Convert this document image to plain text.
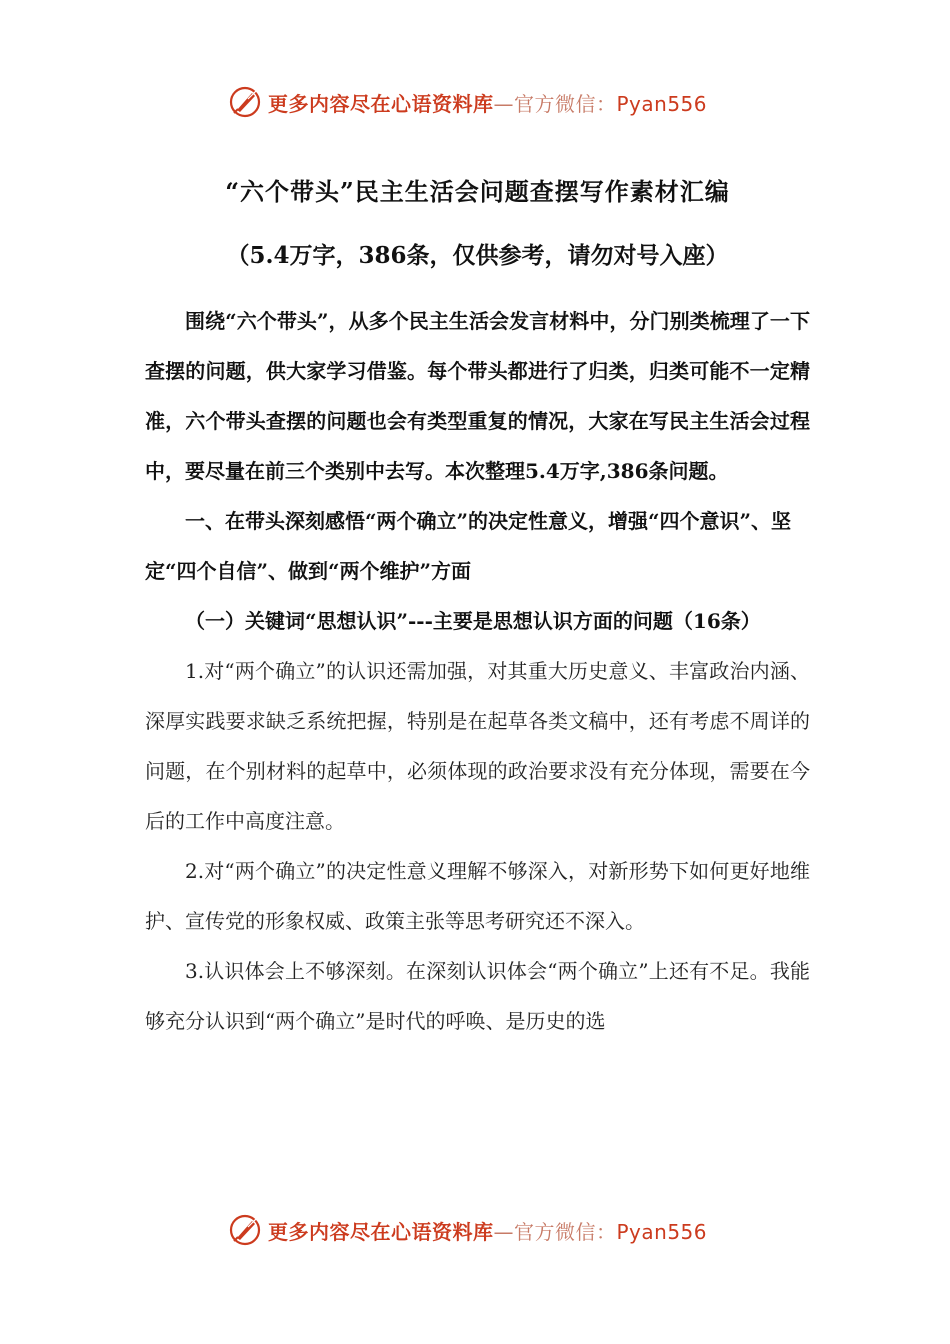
更多内容尽在心语资料库—官方微信：Pyan556
“六个带头”民主生活会问题查摆写作素材汇编

（5.4万字，386条，仅供参考，请勿对号入座）

围绕“六个带头”，从多个民主生活会发言材料中，分门别类梳理了一下查摆的问题，供大家学习借鉴。每个带头都进行了归类，归类可能不一定精准，六个带头查摆的问题也会有类型重复的情况，大家在写民主生活会过程中，要尽量在前三个类别中去写。本次整理5.4万字,386条问题。

一、在带头深刻感悟“两个确立”的决定性意义，增强“四个意识”、坚定“四个自信”、做到“两个维护”方面

（一）关键词“思想认识”---主要是思想认识方面的问题（16条）

1.对“两个确立”的认识还需加强，对其重大历史意义、丰富政治内涵、深厚实践要求缺乏系统把握，特别是在起草各类文稿中，还有考虑不周详的问题，在个别材料的起草中，必须体现的政治要求没有充分体现，需要在今后的工作中高度注意。

2.对“两个确立”的决定性意义理解不够深入，对新形势下如何更好地维护、宣传党的形象权威、政策主张等思考研究还不深入。

3.认识体会上不够深刻。在深刻认识体会“两个确立”上还有不足。我能够充分认识到“两个确立”是时代的呼唤、是历史的选

更多内容尽在心语资料库—官方微信：Pyan556
